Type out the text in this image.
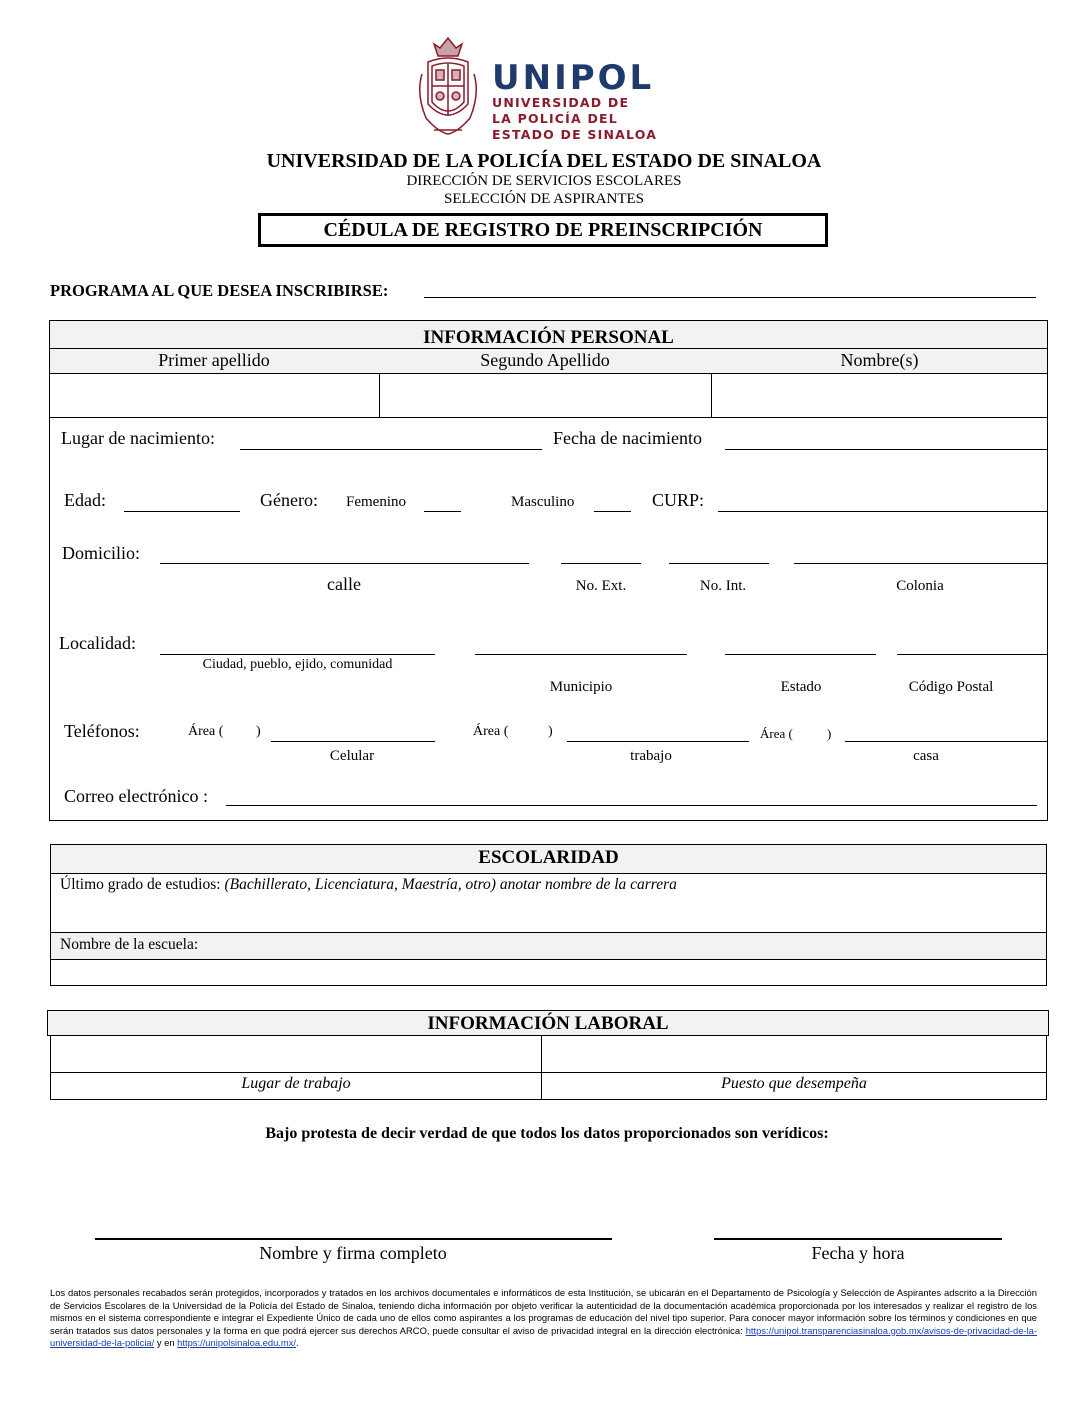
UNIPOL
UNIVERSIDAD DE
LA POLICÍA DEL
ESTADO DE SINALOA
UNIVERSIDAD DE LA POLICÍA DEL ESTADO DE SINALOA
DIRECCIÓN DE SERVICIOS ESCOLARES
SELECCIÓN DE ASPIRANTES
CÉDULA DE REGISTRO DE PREINSCRIPCIÓN
PROGRAMA AL QUE DESEA INSCRIBIRSE:
INFORMACIÓN PERSONAL
Primer apellido	Segundo Apellido	Nombre(s)
Lugar de nacimiento:	Fecha de nacimiento
Edad:	Género: Femenino	Masculino	CURP:
Domicilio:
calle	No. Ext.	No. Int.	Colonia
Localidad:
Ciudad, pueblo, ejido, comunidad
Municipio	Estado	Código Postal
Teléfonos:	Área ( )	Área (	)	Área (	)
Celular	trabajo	casa
Correo electrónico :
ESCOLARIDAD
Último grado de estudios: (Bachillerato, Licenciatura, Maestría, otro) anotar nombre de la carrera
Nombre de la escuela:
INFORMACIÓN LABORAL
Lugar de trabajo	Puesto que desempeña
Bajo protesta de decir verdad de que todos los datos proporcionados son verídicos:
Nombre y firma completo	Fecha y hora
Los datos personales recabados serán protegidos, incorporados y tratados en los archivos documentales e informáticos de esta Institución, se ubicarán en el Departamento de Psicología y Selección de Aspirantes adscrito a la Dirección de Servicios Escolares de la Universidad de la Policía del Estado de Sinaloa, teniendo dicha información por objeto verificar la autenticidad de la documentación académica proporcionada por los interesados y realizar el registro de los mismos en el sistema correspondiente e integrar el Expediente Único de cada uno de ellos como aspirantes a los programas de educación del nivel tipo superior. Para conocer mayor información sobre los términos y condiciones en que serán tratados sus datos personales y la forma en que podrá ejercer sus derechos ARCO, puede consultar el aviso de privacidad integral en la dirección electrónica: https://unipol.transparenciasinaloa.gob.mx/avisos-de-privacidad-de-la-universidad-de-la-policia/ y en https://unipolsinaloa.edu.mx/.
